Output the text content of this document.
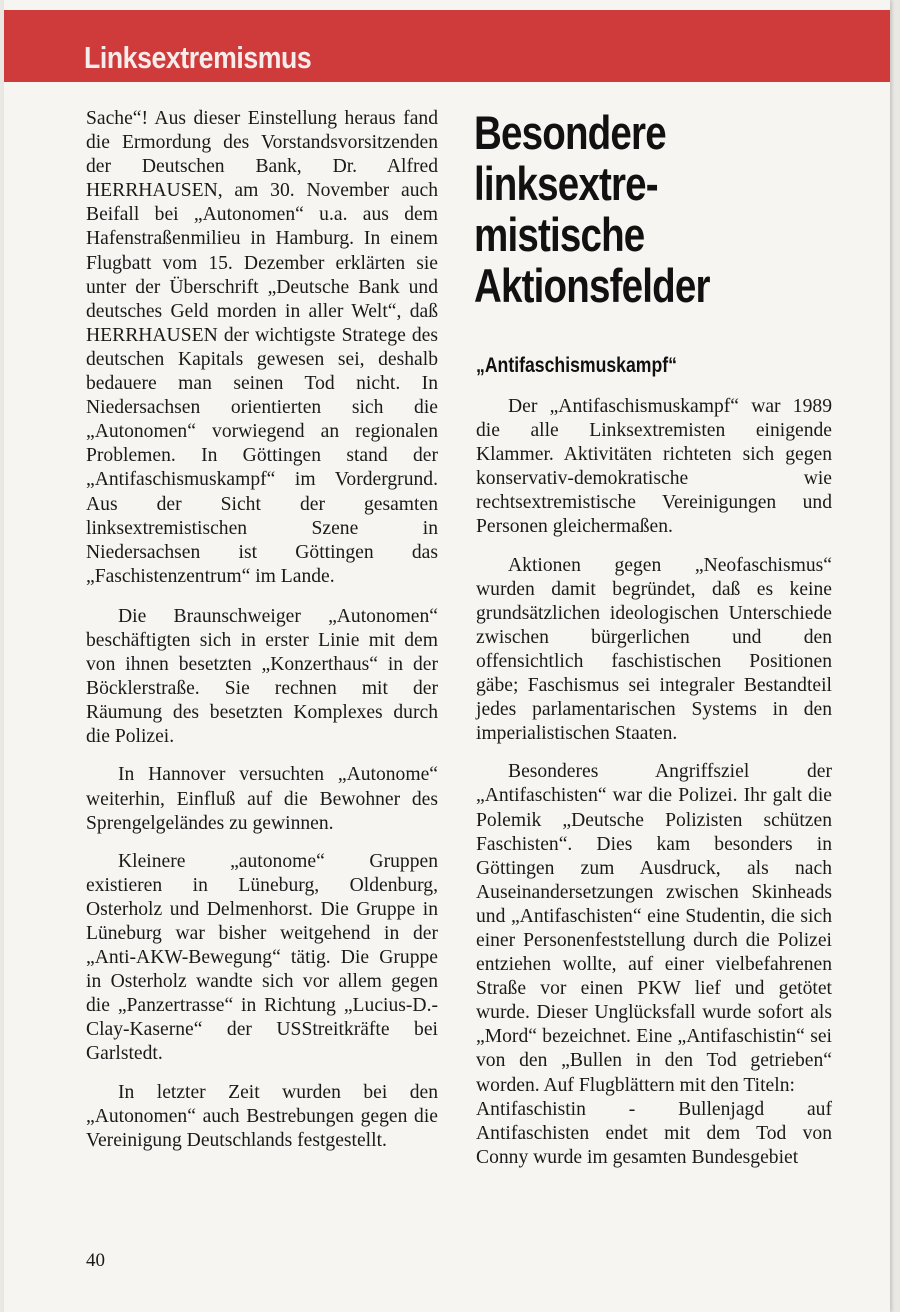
Linksextremismus

Sache“! Aus dieser Einstellung heraus fand die Ermordung des Vorstandsvorsitzenden der Deutschen Bank, Dr. Alfred HERRHAUSEN, am 30. November auch Beifall bei „Autonomen“ u.a. aus dem Hafenstraßenmilieu in Hamburg. In einem Flugbatt vom 15. Dezember erklärten sie unter der Überschrift „Deutsche Bank und deutsches Geld morden in aller Welt“, daß HERRHAUSEN der wichtigste Stratege des deutschen Kapitals gewesen sei, deshalb bedauere man seinen Tod nicht. In Niedersachsen orientierten sich die „Autonomen“ vorwiegend an regionalen Problemen. In Göttingen stand der „Antifaschismuskampf“ im Vordergrund. Aus der Sicht der gesamten linksextremistischen Szene in Niedersachsen ist Göttingen das „Faschistenzentrum“ im Lande.

Die Braunschweiger „Autonomen“ beschäftigten sich in erster Linie mit dem von ihnen besetzten „Konzerthaus“ in der Böcklerstraße. Sie rechnen mit der Räumung des besetzten Komplexes durch die Polizei.

In Hannover versuchten „Autonome“ weiterhin, Einfluß auf die Bewohner des Sprengelgeländes zu gewinnen.

Kleinere „autonome“ Gruppen existieren in Lüneburg, Oldenburg, Osterholz und Delmenhorst. Die Gruppe in Lüneburg war bisher weitgehend in der „Anti-AKW-Bewegung“ tätig. Die Gruppe in Osterholz wandte sich vor allem gegen die „Panzertrasse“ in Richtung „Lucius-D.-Clay-Kaserne“ der USStreitkräfte bei Garlstedt.

In letzter Zeit wurden bei den „Autonomen“ auch Bestrebungen gegen die Vereinigung Deutschlands festgestellt.

Besondere
linksextre-
mistische
Aktionsfelder
„Antifaschismuskampf“

Der „Antifaschismuskampf“ war 1989 die alle Linksextremisten einigende Klammer. Aktivitäten richteten sich gegen konservativ-demokratische wie rechtsextremistische Vereinigungen und Personen gleichermaßen.

Aktionen gegen „Neofaschismus“ wurden damit begründet, daß es keine grundsätzlichen ideologischen Unterschiede zwischen bürgerlichen und den offensichtlich faschistischen Positionen gäbe; Faschismus sei integraler Bestandteil jedes parlamentarischen Systems in den imperialistischen Staaten.

Besonderes Angriffsziel der „Antifaschisten“ war die Polizei. Ihr galt die Polemik „Deutsche Polizisten schützen Faschisten“. Dies kam besonders in Göttingen zum Ausdruck, als nach Auseinandersetzungen zwischen Skinheads und „Antifaschisten“ eine Studentin, die sich einer Personenfeststellung durch die Polizei entziehen wollte, auf einer vielbefahrenen Straße vor einen PKW lief und getötet wurde. Dieser Unglücksfall wurde sofort als „Mord“ bezeichnet. Eine „Antifaschistin“ sei von den „Bullen in den Tod getrieben“ worden. Auf Flugblättern mit den Titeln:

Antifaschistin - Bullenjagd auf Antifaschisten endet mit dem Tod von Conny wurde im gesamten Bundesgebiet

40
